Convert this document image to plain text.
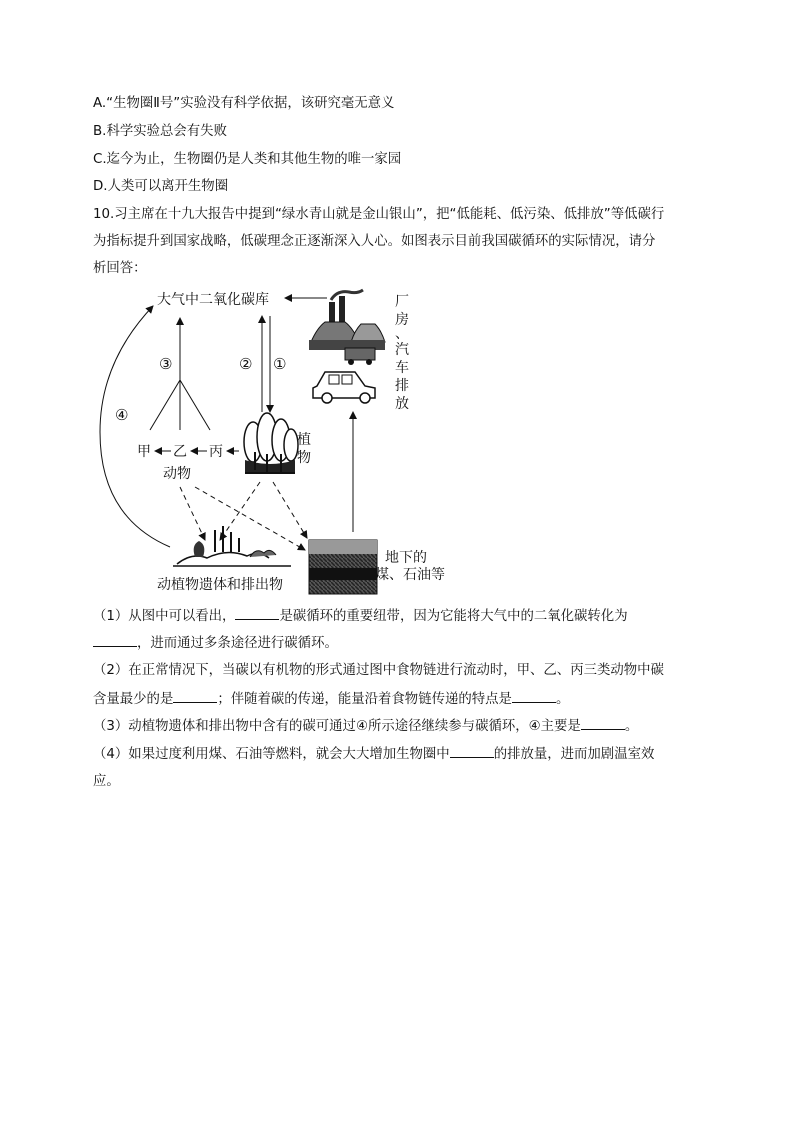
A.“生物圈Ⅱ号”实验没有科学依据，该研究毫无意义
B.科学实验总会有失败
C.迄今为止，生物圈仍是人类和其他生物的唯一家园
D.人类可以离开生物圈
10.习主席在十九大报告中提到“绿水青山就是金山银山”，把“低能耗、低污染、低排放”等低碳行
为指标提升到国家战略，低碳理念正逐渐深入人心。如图表示目前我国碳循环的实际情况，请分
析回答：
大气中二氧化碳库	厂
房
、
汽
车
排
放
② ①
③
④
甲 乙 丙
动物
植
物
动植物遗体和排出物
地下的
煤、石油等
（1）从图中可以看出，	是碳循环的重要纽带，因为它能将大气中的二氧化碳转化为
，进而通过多条途径进行碳循环。
（2）在正常情况下，当碳以有机物的形式通过图中食物链进行流动时，甲、乙、丙三类动物中碳
含量最少的是	；伴随着碳的传递，能量沿着食物链传递的特点是	。
（3）动植物遗体和排出物中含有的碳可通过④所示途径继续参与碳循环，④主要是	。
（4）如果过度利用煤、石油等燃料，就会大大增加生物圈中	的排放量，进而加剧温室效
应。
